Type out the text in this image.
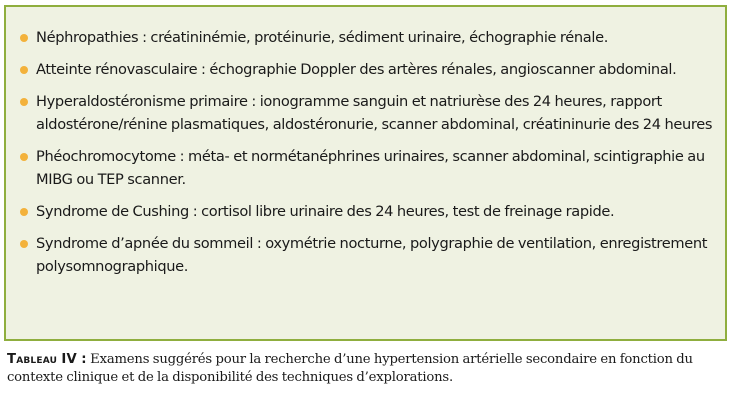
Néphropathies : créatininémie, protéinurie, sédiment urinaire, échographie rénale.
Atteinte rénovasculaire : échographie Doppler des artères rénales, angioscanner abdominal.
Hyperaldostéronisme primaire : ionogramme sanguin et natriurèse des 24 heures, rapport aldostérone/rénine plasmatiques, aldostéronurie, scanner abdominal, créatininurie des 24 heures
Phéochromocytome : méta- et normétanéphrines urinaires, scanner abdominal, scintigraphie au MIBG ou TEP scanner.
Syndrome de Cushing : cortisol libre urinaire des 24 heures, test de freinage rapide.
Syndrome d’apnée du sommeil : oxymétrie nocturne, polygraphie de ventilation, enregistrement polysomnographique.
Tableau IV : Examens suggérés pour la recherche d’une hypertension artérielle secondaire en fonction du contexte clinique et de la disponibilité des techniques d’explorations.
